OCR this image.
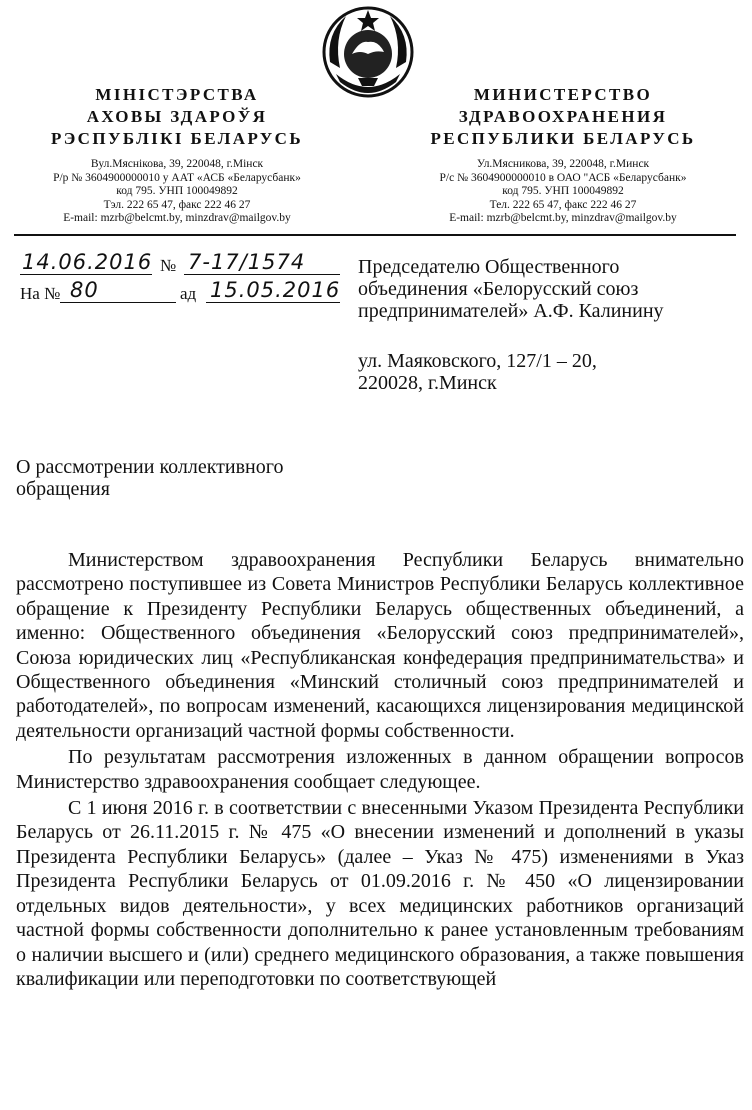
МІНІСТЭРСТВА
АХОВЫ ЗДАРОЎЯ
РЭСПУБЛІКІ БЕЛАРУСЬ
Вул.Мяснікова, 39, 220048, г.Мінск
Р/р № 3604900000010 у ААТ «АСБ «Беларусбанк»
код 795. УНП 100049892
Тэл. 222 65 47, факс 222 46 27
E-mail: mzrb@belcmt.by, minzdrav@mailgov.by
МИНИСТЕРСТВО
ЗДРАВООХРАНЕНИЯ
РЕСПУБЛИКИ БЕЛАРУСЬ
Ул.Мясникова, 39, 220048, г.Минск
Р/с № 3604900000010 в ОАО "АСБ «Беларусбанк»
код 795. УНП 100049892
Тел. 222 65 47, факс 222 46 27
E-mail: mzrb@belcmt.by, minzdrav@mailgov.by
14.06.2016 № 7-17/1574
На № 80	ад 15.05.2016
Председателю Общественного
объединения «Белорусский союз
предпринимателей» А.Ф. Калинину
ул. Маяковского, 127/1 – 20,
220028, г.Минск
О рассмотрении коллективного
обращения

Министерством здравоохранения Республики Беларусь внимательно рассмотрено поступившее из Совета Министров Республики Беларусь коллективное обращение к Президенту Республики Беларусь общественных объединений, а именно: Общественного объединения «Белорусский союз предпринимателей», Союза юридических лиц «Республиканская конфедерация предпринимательства» и Общественного объединения «Минский столичный союз предпринимателей и работодателей», по вопросам изменений, касающихся лицензирования медицинской деятельности организаций частной формы собственности.

По результатам рассмотрения изложенных в данном обращении вопросов Министерство здравоохранения сообщает следующее.

С 1 июня 2016 г. в соответствии с внесенными Указом Президента Республики Беларусь от 26.11.2015 г. № 475 «О внесении изменений и дополнений в указы Президента Республики Беларусь» (далее – Указ № 475) изменениями в Указ Президента Республики Беларусь от 01.09.2016 г. № 450 «О лицензировании отдельных видов деятельности», у всех медицинских работников организаций частной формы собственности дополнительно к ранее установленным требованиям о наличии высшего и (или) среднего медицинского образования, а также повышения квалификации или переподготовки по соответствующей
